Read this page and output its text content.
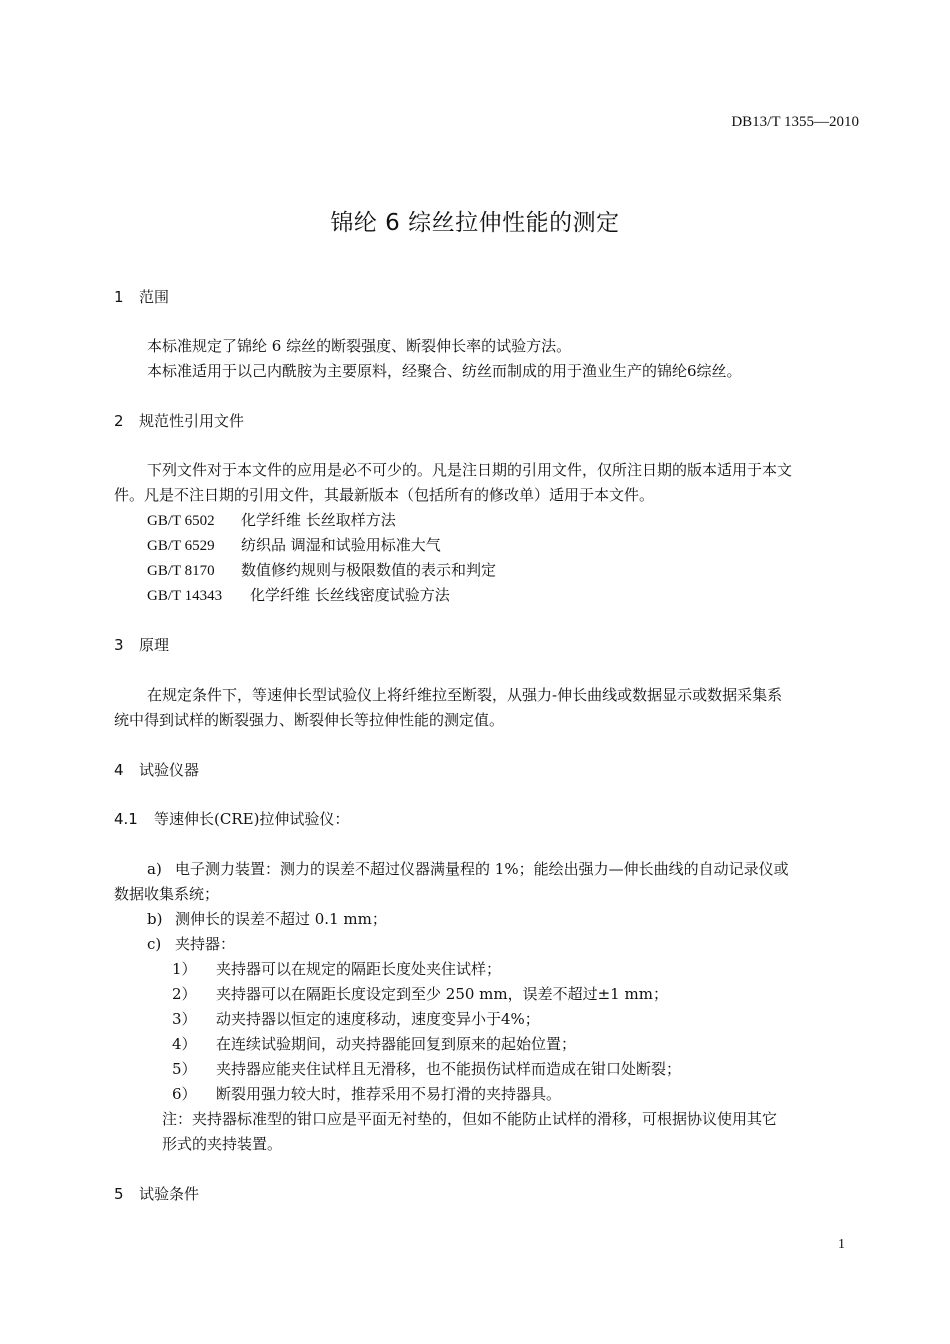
DB13/T 1355—2010
锦纶 6 综丝拉伸性能的测定
1 范围
本标准规定了锦纶 6 综丝的断裂强度、断裂伸长率的试验方法。
本标准适用于以己内酰胺为主要原料，经聚合、纺丝而制成的用于渔业生产的锦纶6综丝。
2 规范性引用文件
下列文件对于本文件的应用是必不可少的。凡是注日期的引用文件，仅所注日期的版本适用于本文
件。凡是不注日期的引用文件，其最新版本（包括所有的修改单）适用于本文件。
GB/T 6502 化学纤维 长丝取样方法
GB/T 6529 纺织品 调湿和试验用标准大气
GB/T 8170 数值修约规则与极限数值的表示和判定
GB/T 14343 化学纤维 长丝线密度试验方法
3 原理
在规定条件下，等速伸长型试验仪上将纤维拉至断裂，从强力-伸长曲线或数据显示或数据采集系
统中得到试样的断裂强力、断裂伸长等拉伸性能的测定值。
4 试验仪器
4.1 等速伸长(CRE)拉伸试验仪：
a) 电子测力装置：测力的误差不超过仪器满量程的 1%；能绘出强力—伸长曲线的自动记录仪或
数据收集系统；
b) 测伸长的误差不超过 0.1 mm；
c) 夹持器：
1） 夹持器可以在规定的隔距长度处夹住试样；
2） 夹持器可以在隔距长度设定到至少 250 mm，误差不超过±1 mm；
3） 动夹持器以恒定的速度移动，速度变异小于4%；
4） 在连续试验期间，动夹持器能回复到原来的起始位置；
5） 夹持器应能夹住试样且无滑移，也不能损伤试样而造成在钳口处断裂；
6） 断裂用强力较大时，推荐采用不易打滑的夹持器具。
注：夹持器标准型的钳口应是平面无衬垫的，但如不能防止试样的滑移，可根据协议使用其它
形式的夹持装置。
5 试验条件
1
